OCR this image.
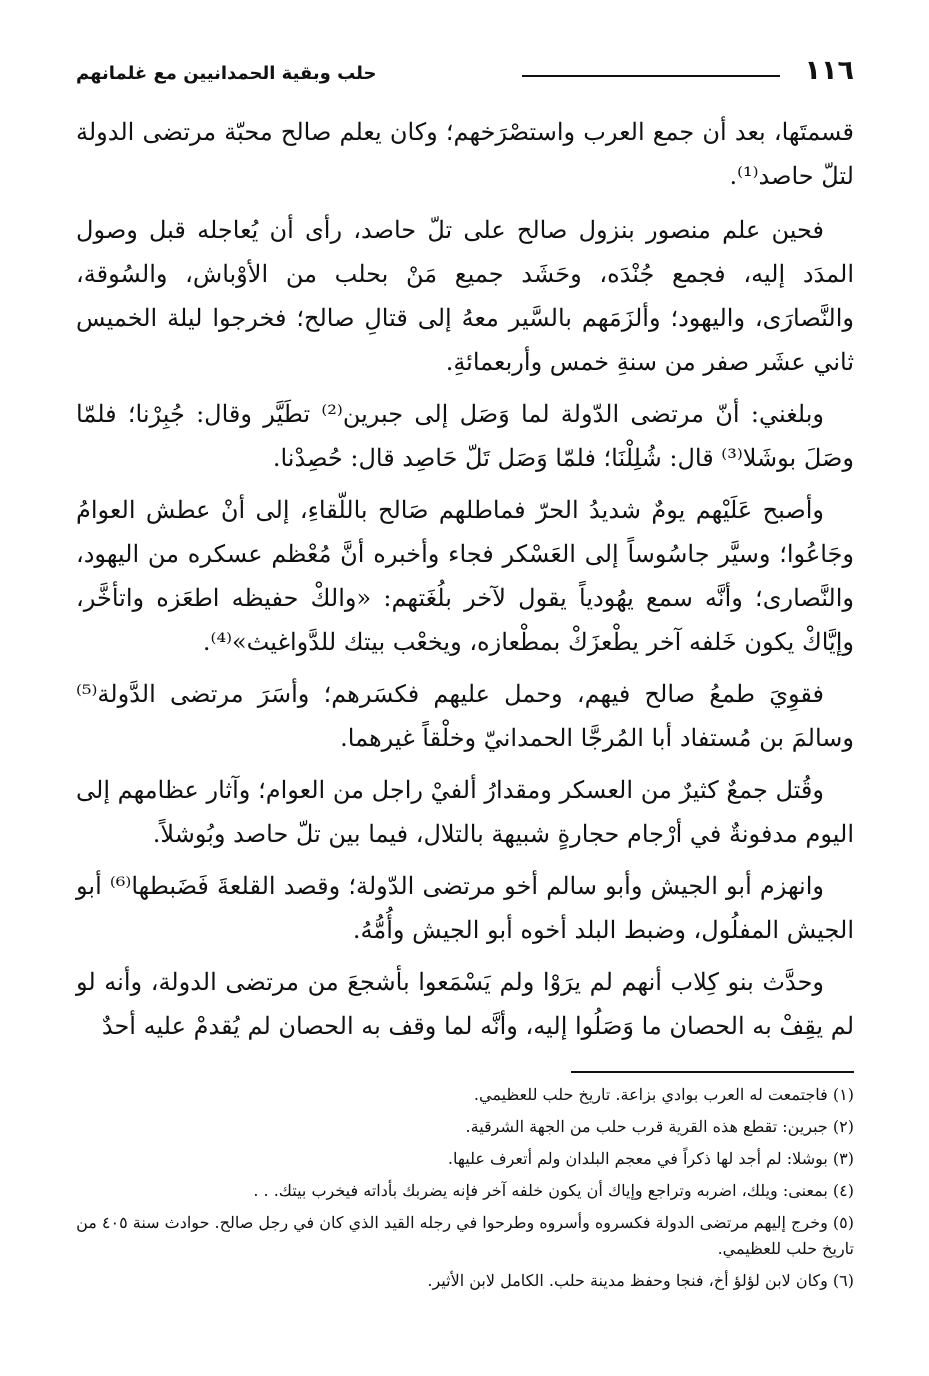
١١٦
حلب وبقية الحمدانيين مع غلمانهم

قسمتَها، بعد أن جمع العرب واستصْرَخهم؛ وكان يعلم صالح محبّة مرتضى الدولة لتلّ حاصد⁽¹⁾.

فحين علم منصور بنزول صالح على تلّ حاصد، رأى أن يُعاجله قبل وصول المدَد إليه، فجمع جُنْدَه، وحَشَد جميع مَنْ بحلب من الأوْباش، والسُوقة، والنَّصارَى، واليهود؛ وألزَمَهم بالسَّير معهُ إلى قتالِ صالح؛ فخرجوا ليلة الخميس ثاني عشَر صفر من سنةِ خمس وأربعمائةِ.

وبلغني: أنّ مرتضى الدّولة لما وَصَل إلى جبرين⁽²⁾ تطَيَّر وقال: جُبِرْنا؛ فلمّا وصَلَ بوشَلا⁽³⁾ قال: شُلِلْنَا؛ فلمّا وَصَل تَلّ حَاصِد قال: حُصِدْنا.

وأصبح عَلَيْهم يومٌ شديدُ الحرّ فماطلهم صَالح باللّقاءِ، إلى أنْ عطش العوامُ وجَاعُوا؛ وسيَّر جاسُوساً إلى العَسْكر فجاء وأخبره أنَّ مُعْظم عسكره من اليهود، والنَّصارى؛ وأنَّه سمع يهُودياً يقول لآخر بلُغَتهم: «والكْ حفيظه اطعَزه واتأخَّر، وإيَّاكْ يكون خَلفه آخر يطْعزَكْ بمطْعازه، ويخعْب بيتك للدَّواغيث»⁽⁴⁾.

فقوِيَ طمعُ صالح فيهم، وحمل عليهم فكسَرهم؛ وأسَرَ مرتضى الدَّولة⁽⁵⁾ وسالمَ بن مُستفاد أبا المُرجَّا الحمدانيّ وخلْقاً غيرهما.

وقُتل جمعٌ كثيرٌ من العسكر ومقدارُ ألفيْ راجل من العوام؛ وآثار عظامهم إلى اليوم مدفونةٌ في أرْجام حجارةٍ شبيهة بالتلال، فيما بين تلّ حاصد وبُوشلاً.

وانهزم أبو الجيش وأبو سالم أخو مرتضى الدّولة؛ وقصد القلعةَ فَضَبطها⁽⁶⁾ أبو الجيش المفلُول، وضبط البلد أخوه أبو الجيش وأُمُّهُ.

وحدَّث بنو كِلاب أنهم لم يرَوْا ولم يَسْمَعوا بأشجعَ من مرتضى الدولة، وأنه لو لم يقِفْ به الحصان ما وَصَلُوا إليه، وأنَّه لما وقف به الحصان لم يُقدمْ عليه أحدٌ

(١) فاجتمعت له العرب بوادي بزاعة. تاريخ حلب للعظيمي.

(٢) جبرين: تقطع هذه القرية قرب حلب من الجهة الشرقية.

(٣) بوشلا: لم أجد لها ذكراً في معجم البلدان ولم أتعرف عليها.

(٤) بمعنى: ويلك، اضربه وتراجع وإياك أن يكون خلفه آخر فإنه يضربك بأداته فيخرب بيتك. . .

(٥) وخرج إليهم مرتضى الدولة فكسروه وأسروه وطرحوا في رجله القيد الذي كان في رجل صالح. حوادث سنة ٤٠٥ من تاريخ حلب للعظيمي.

(٦) وكان لابن لؤلؤ أخ، فنجا وحفظ مدينة حلب. الكامل لابن الأثير.
